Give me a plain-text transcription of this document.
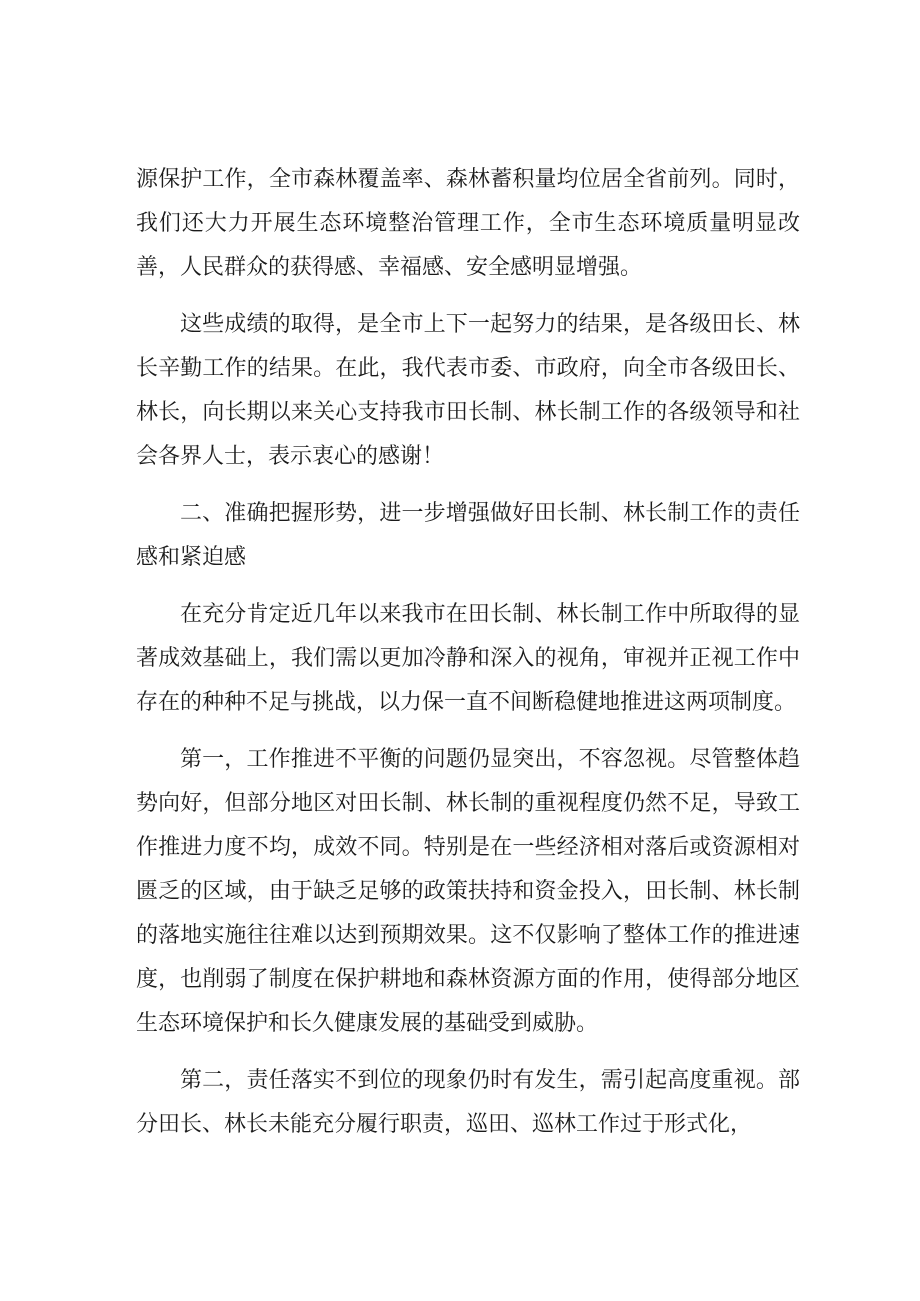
源保护工作，全市森林覆盖率、森林蓄积量均位居全省前列。同时，我们还大力开展生态环境整治管理工作，全市生态环境质量明显改善，人民群众的获得感、幸福感、安全感明显增强。

这些成绩的取得，是全市上下一起努力的结果，是各级田长、林长辛勤工作的结果。在此，我代表市委、市政府，向全市各级田长、林长，向长期以来关心支持我市田长制、林长制工作的各级领导和社会各界人士，表示衷心的感谢！

二、准确把握形势，进一步增强做好田长制、林长制工作的责任感和紧迫感

在充分肯定近几年以来我市在田长制、林长制工作中所取得的显著成效基础上，我们需以更加冷静和深入的视角，审视并正视工作中存在的种种不足与挑战，以力保一直不间断稳健地推进这两项制度。

第一，工作推进不平衡的问题仍显突出，不容忽视。尽管整体趋势向好，但部分地区对田长制、林长制的重视程度仍然不足，导致工作推进力度不均，成效不同。特别是在一些经济相对落后或资源相对匮乏的区域，由于缺乏足够的政策扶持和资金投入，田长制、林长制的落地实施往往难以达到预期效果。这不仅影响了整体工作的推进速度，也削弱了制度在保护耕地和森林资源方面的作用，使得部分地区生态环境保护和长久健康发展的基础受到威胁。

第二，责任落实不到位的现象仍时有发生，需引起高度重视。部分田长、林长未能充分履行职责，巡田、巡林工作过于形式化，
